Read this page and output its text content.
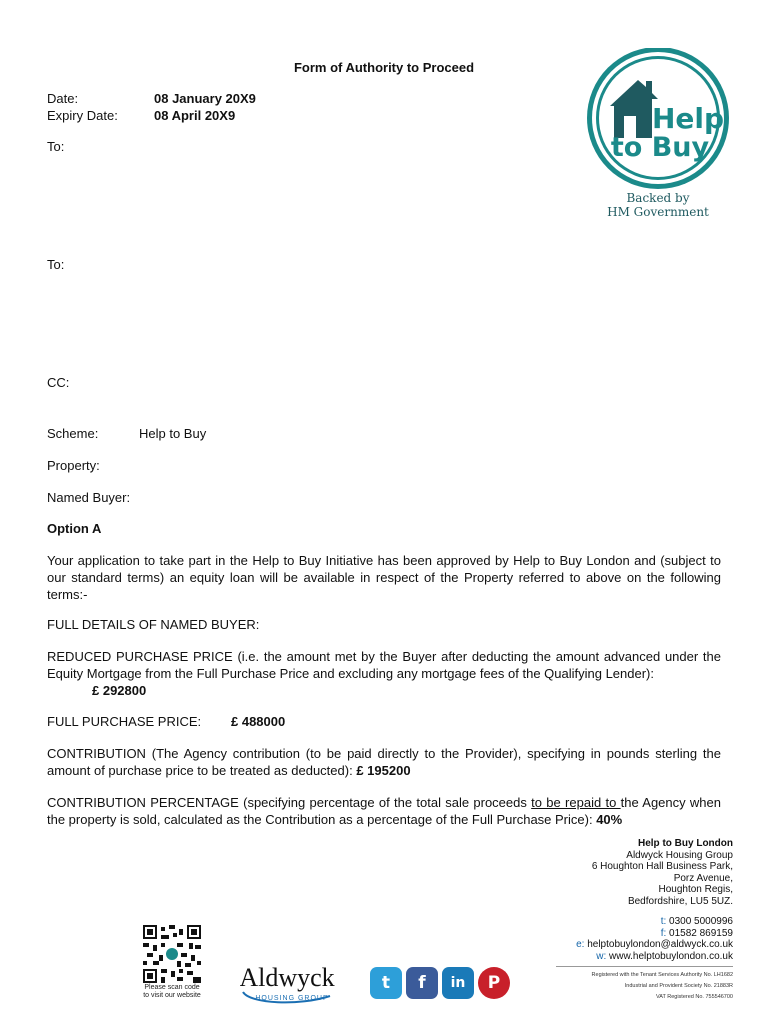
Form of Authority to Proceed
Date:	08 January 20X9
Expiry Date:	08 April 20X9
To:
To:
CC:
Help
to Buy
Backed by
HM Government
Scheme:	Help to Buy
Property:
Named Buyer:
Option A
Your application to take part in the Help to Buy Initiative has been approved by Help to Buy London and (subject to our standard terms) an equity loan will be available in respect of the Property referred to above on the following terms:-
FULL DETAILS OF NAMED BUYER:
REDUCED PURCHASE PRICE (i.e. the amount met by the Buyer after deducting the amount advanced under the Equity Mortgage from the Full Purchase Price and excluding any mortgage fees of the Qualifying Lender):
£ 292800
FULL PURCHASE PRICE: £ 488000
CONTRIBUTION (The Agency contribution (to be paid directly to the Provider), specifying in pounds sterling the amount of purchase price to be treated as deducted): £ 195200
CONTRIBUTION PERCENTAGE (specifying percentage of the total sale proceeds to be repaid to the Agency when the property is sold, calculated as the Contribution as a percentage of the Full Purchase Price): 40%
Help to Buy London
Aldwyck Housing Group
6 Houghton Hall Business Park,
Porz Avenue,
Houghton Regis,
Bedfordshire, LU5 5UZ.
t: 0300 5000996
f: 01582 869159
e: helptobuylondon@aldwyck.co.uk
w: www.helptobuylondon.co.uk
Registered with the Tenant Services Authority No. LH1682
Industrial and Provident Society No. 21883R
VAT Registered No. 755546700
Please scan code
to visit our website
Aldwyck
HOUSING GROUP
t	f	in	P
